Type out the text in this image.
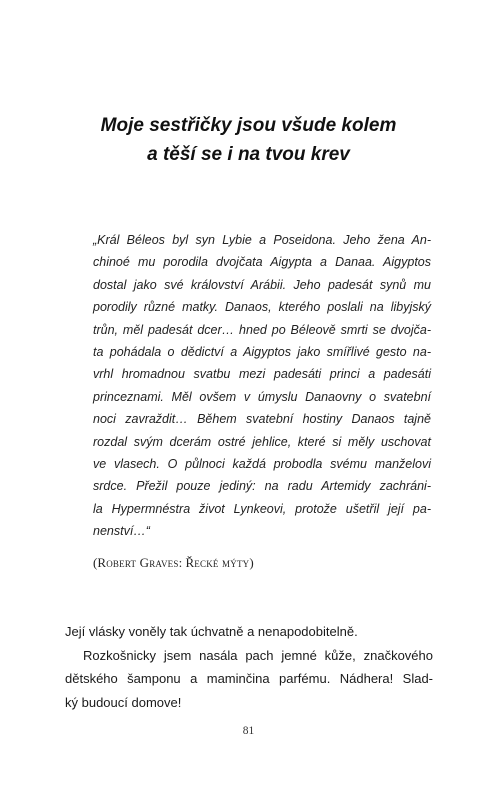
Moje sestřičky jsou všude kolem
a těší se i na tvou krev
„Král Béleos byl syn Lybie a Poseidona. Jeho žena An-
chinoé mu porodila dvojčata Aigypta a Danaa. Aigyptos
dostal jako své království Arábii. Jeho padesát synů mu
porodily různé matky. Danaos, kterého poslali na libyjský
trůn, měl padesát dcer… hned po Béleově smrti se dvojča-
ta pohádala o dědictví a Aigyptos jako smířlivé gesto na-
vrhl hromadnou svatbu mezi padesáti princi a padesáti
princeznami. Měl ovšem v úmyslu Danaovny o svatební
noci zavraždit… Během svatební hostiny Danaos tajně
rozdal svým dcerám ostré jehlice, které si měly uschovat
ve vlasech. O půlnoci každá probodla svému manželovi
srdce. Přežil pouze jediný: na radu Artemidy zachráni-
la Hypermnéstra život Lynkeovi, protože ušetřil její pa-
nenství…“
(Robert Graves: Řecké mýty)
Její vlásky voněly tak úchvatně a nenapodobitelně.
Rozkošnicky jsem nasála pach jemné kůže, značkového
dětského šamponu a maminčina parfému. Nádhera! Slad-
ký budoucí domove!
81
